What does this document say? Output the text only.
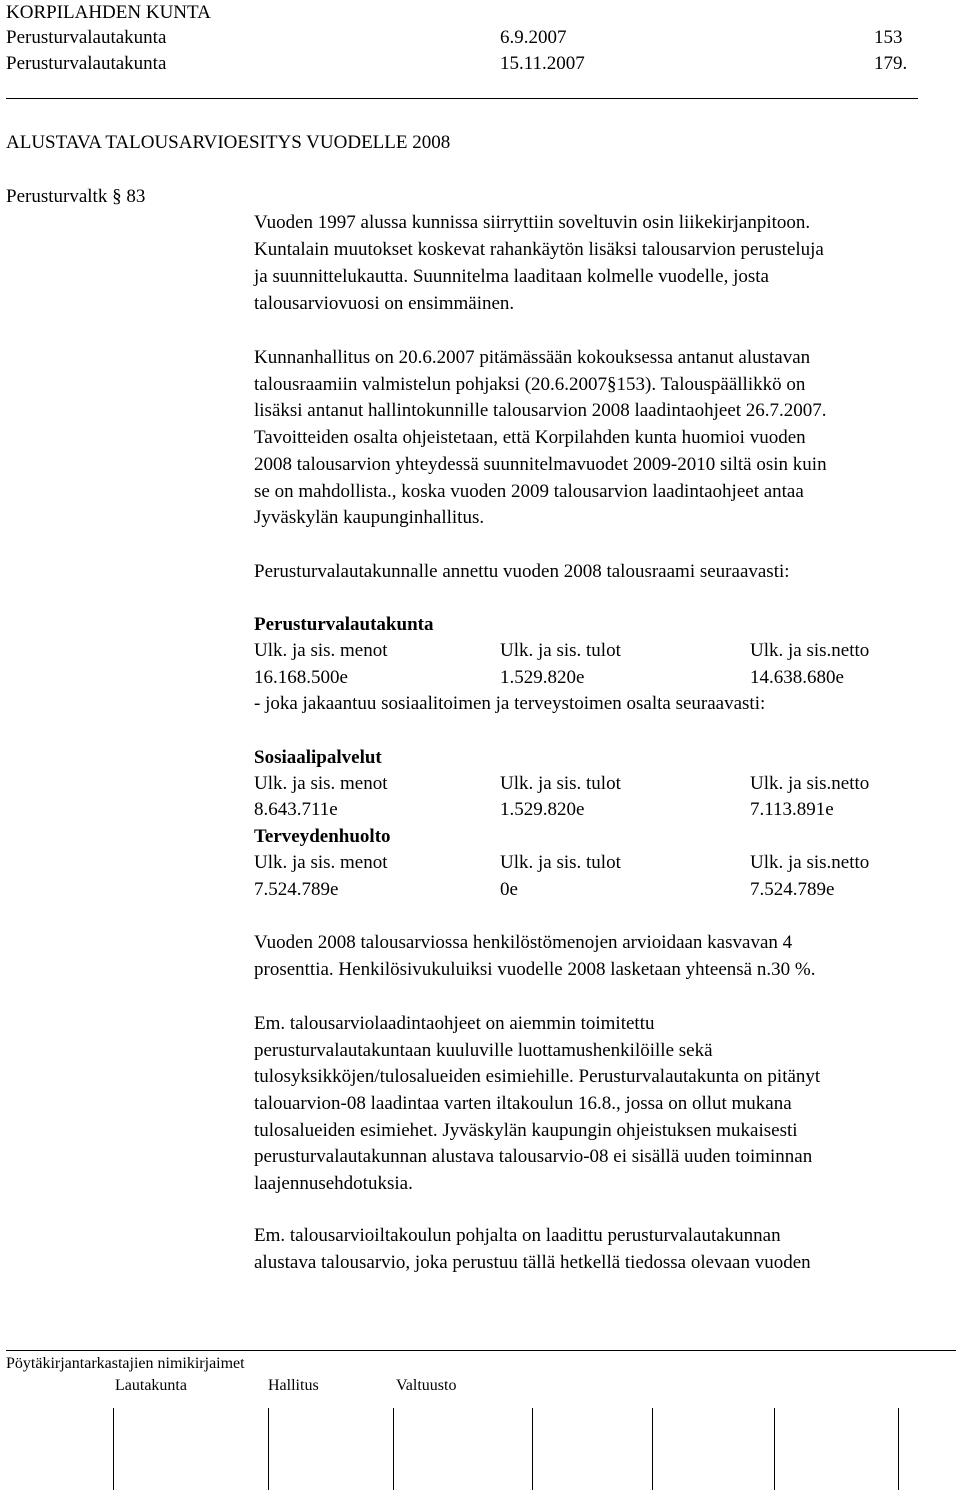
KORPILAHDEN KUNTA
Perusturvalautakunta	6.9.2007	153
Perusturvalautakunta	15.11.2007	179.
ALUSTAVA TALOUSARVIOESITYS VUODELLE 2008
Perusturvaltk § 83
Vuoden 1997 alussa kunnissa siirryttiin soveltuvin osin liikekirjanpitoon.
Kuntalain muutokset koskevat rahankäytön lisäksi talousarvion perusteluja
ja suunnittelukautta. Suunnitelma laaditaan kolmelle vuodelle, josta
talousarviovuosi on ensimmäinen.
Kunnanhallitus on 20.6.2007 pitämässään kokouksessa antanut alustavan
talousraamiin valmistelun pohjaksi (20.6.2007§153). Talouspäällikkö on
lisäksi antanut hallintokunnille talousarvion 2008 laadintaohjeet 26.7.2007.
Tavoitteiden osalta ohjeistetaan, että Korpilahden kunta huomioi vuoden
2008 talousarvion yhteydessä suunnitelmavuodet 2009-2010 siltä osin kuin
se on mahdollista., koska vuoden 2009 talousarvion laadintaohjeet antaa
Jyväskylän kaupunginhallitus.
Perusturvalautakunnalle annettu vuoden 2008 talousraami seuraavasti:
Perusturvalautakunta
Ulk. ja sis. menot	Ulk. ja sis. tulot	Ulk. ja sis.netto
16.168.500e	1.529.820e	14.638.680e
- joka jakaantuu sosiaalitoimen ja terveystoimen osalta seuraavasti:
Sosiaalipalvelut
Ulk. ja sis. menot	Ulk. ja sis. tulot	Ulk. ja sis.netto
8.643.711e	1.529.820e	7.113.891e
Terveydenhuolto
Ulk. ja sis. menot	Ulk. ja sis. tulot	Ulk. ja sis.netto
7.524.789e	0e	7.524.789e
Vuoden 2008 talousarviossa henkilöstömenojen arvioidaan kasvavan 4
prosenttia. Henkilösivukuluiksi vuodelle 2008 lasketaan yhteensä n.30 %.
Em. talousarviolaadintaohjeet on aiemmin toimitettu
perusturvalautakuntaan kuuluville luottamushenkilöille sekä
tulosyksikköjen/tulosalueiden esimiehille. Perusturvalautakunta on pitänyt
talouarvion-08 laadintaa varten iltakoulun 16.8., jossa on ollut mukana
tulosalueiden esimiehet. Jyväskylän kaupungin ohjeistuksen mukaisesti
perusturvalautakunnan alustava talousarvio-08 ei sisällä uuden toiminnan
laajennusehdotuksia.
Em. talousarvioiltakoulun pohjalta on laadittu perusturvalautakunnan
alustava talousarvio, joka perustuu tällä hetkellä tiedossa olevaan vuoden
Pöytäkirjantarkastajien nimikirjaimet
Lautakunta	Hallitus	Valtuusto
